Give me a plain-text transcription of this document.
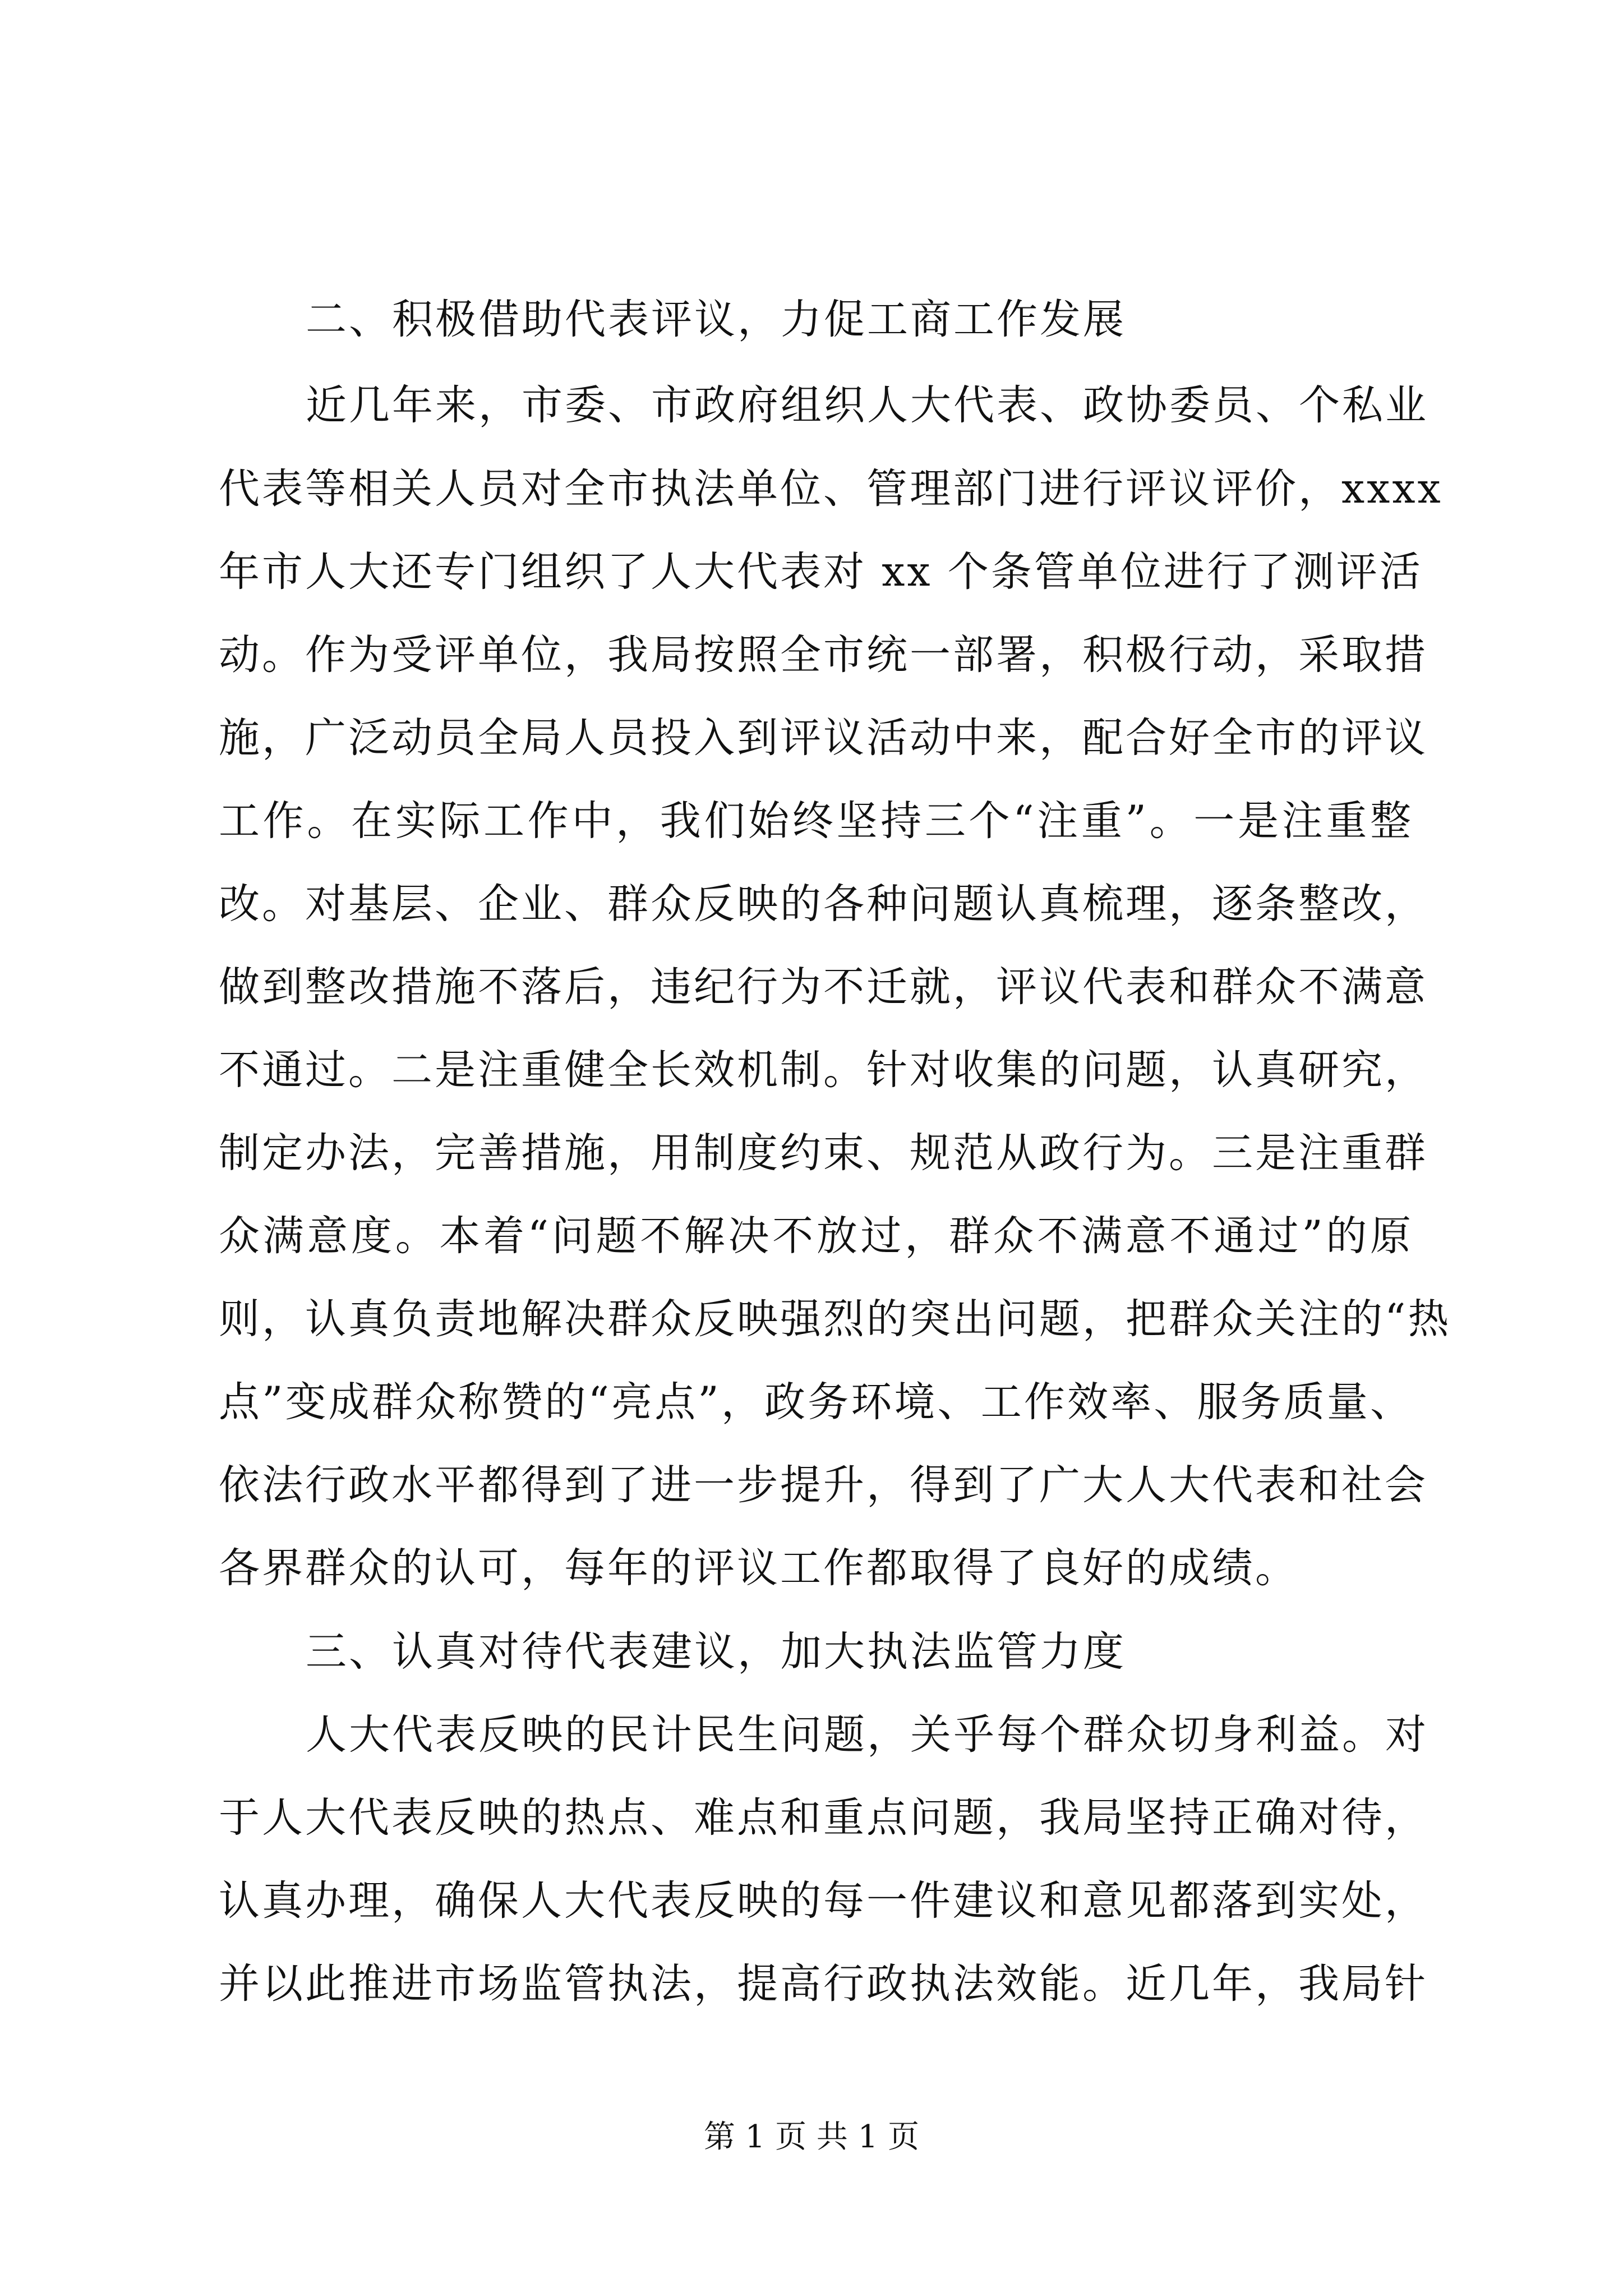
二、积极借助代表评议，力促工商工作发展
近几年来，市委、市政府组织人大代表、政协委员、个私业
代表等相关人员对全市执法单位、管理部门进行评议评价，xxxx
年市人大还专门组织了人大代表对 xx 个条管单位进行了测评活
动。作为受评单位，我局按照全市统一部署，积极行动，采取措
施，广泛动员全局人员投入到评议活动中来，配合好全市的评议
工作。在实际工作中，我们始终坚持三个“注重”。一是注重整
改。对基层、企业、群众反映的各种问题认真梳理，逐条整改，
做到整改措施不落后，违纪行为不迁就，评议代表和群众不满意
不通过。二是注重健全长效机制。针对收集的问题，认真研究，
制定办法，完善措施，用制度约束、规范从政行为。三是注重群
众满意度。本着“问题不解决不放过，群众不满意不通过”的原
则，认真负责地解决群众反映强烈的突出问题，把群众关注的“热
点”变成群众称赞的“亮点”，政务环境、工作效率、服务质量、
依法行政水平都得到了进一步提升，得到了广大人大代表和社会
各界群众的认可，每年的评议工作都取得了良好的成绩。
三、认真对待代表建议，加大执法监管力度
人大代表反映的民计民生问题，关乎每个群众切身利益。对
于人大代表反映的热点、难点和重点问题，我局坚持正确对待，
认真办理，确保人大代表反映的每一件建议和意见都落到实处，
并以此推进市场监管执法，提高行政执法效能。近几年，我局针
第 1 页 共 1 页
